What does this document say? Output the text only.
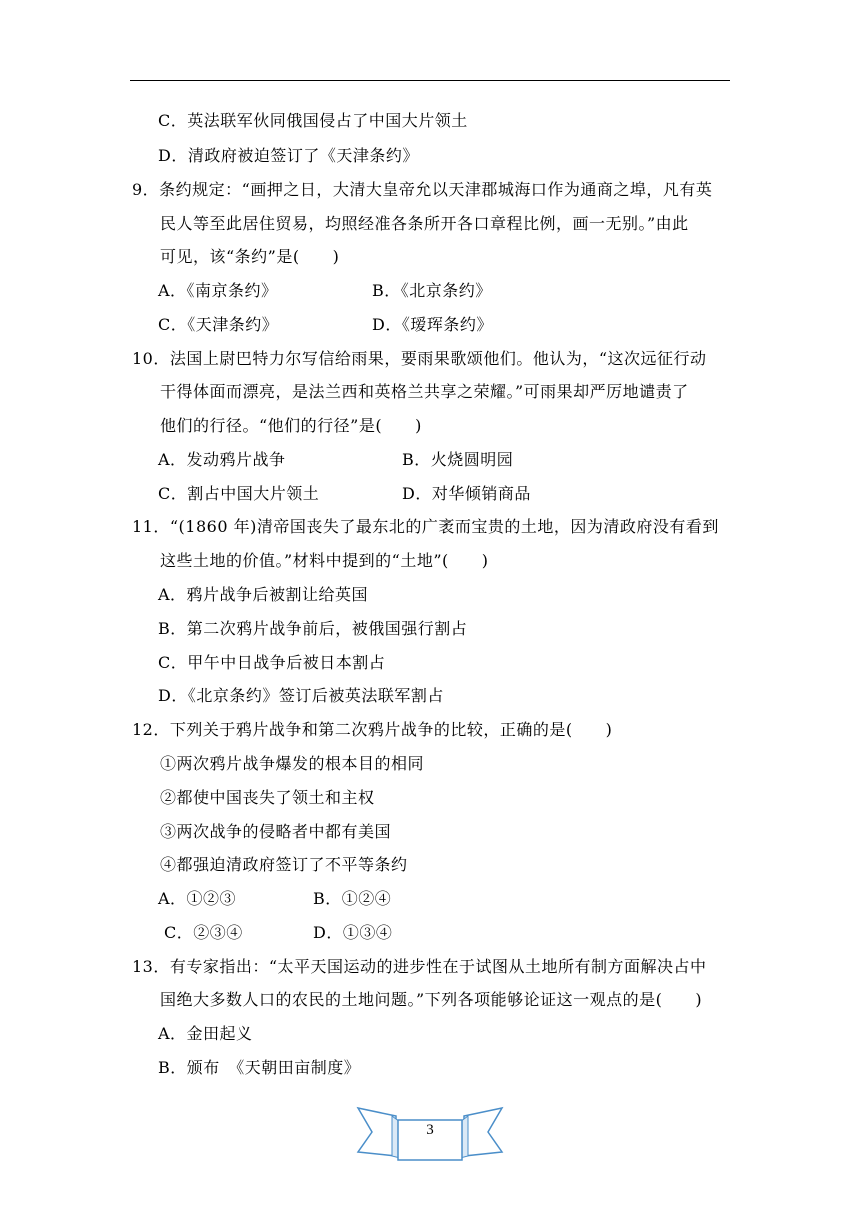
C．英法联军伙同俄国侵占了中国大片领土
D．清政府被迫签订了《天津条约》
9．条约规定：“画押之日，大清大皇帝允以天津郡城海口作为通商之埠，凡有英
民人等至此居住贸易，均照经准各条所开各口章程比例，画一无别。”由此
可见，该“条约”是(　　)
A．《南京条约》	B．《北京条约》
C．《天津条约》	D．《瑷珲条约》
10．法国上尉巴特力尔写信给雨果，要雨果歌颂他们。他认为，“这次远征行动
干得体面而漂亮，是法兰西和英格兰共享之荣耀。”可雨果却严厉地谴责了
他们的行径。“他们的行径”是(　　)
A．发动鸦片战争	B．火烧圆明园
C．割占中国大片领土	D．对华倾销商品
11．“(1860 年)清帝国丧失了最东北的广袤而宝贵的土地，因为清政府没有看到
这些土地的价值。”材料中提到的“土地”(　　)
A．鸦片战争后被割让给英国
B．第二次鸦片战争前后，被俄国强行割占
C．甲午中日战争后被日本割占
D．《北京条约》签订后被英法联军割占
12．下列关于鸦片战争和第二次鸦片战争的比较，正确的是(　　)
①两次鸦片战争爆发的根本目的相同
②都使中国丧失了领土和主权
③两次战争的侵略者中都有美国
④都强迫清政府签订了不平等条约
A．①②③	B．①②④
C．②③④	D．①③④
13．有专家指出：“太平天国运动的进步性在于试图从土地所有制方面解决占中
国绝大多数人口的农民的土地问题。”下列各项能够论证这一观点的是(　　)
A．金田起义
B．颁布　《天朝田亩制度》
3
